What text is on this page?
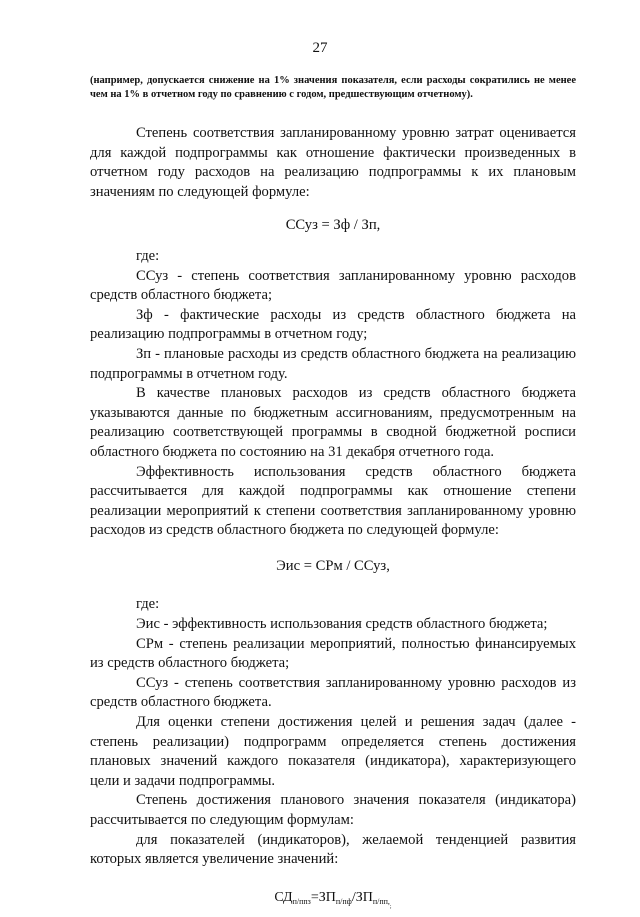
27

(например, допускается снижение на 1% значения показателя, если расходы сократились не менее чем на 1% в отчетном году по сравнению с годом, предшествующим отчетному).

Степень соответствия запланированному уровню затрат оценивается для каждой подпрограммы как отношение фактически произведенных в отчетном году расходов на реализацию подпрограммы к их плановым значениям по следующей формуле:

ССуз = Зф / Зп,

где:

ССуз - степень соответствия запланированному уровню расходов средств областного бюджета;

Зф - фактические расходы из средств областного бюджета на реализацию подпрограммы в отчетном году;

Зп - плановые расходы из средств областного бюджета на реализацию подпрограммы в отчетном году.

В качестве плановых расходов из средств областного бюджета указываются данные по бюджетным ассигнованиям, предусмотренным на реализацию соответствующей программы в сводной бюджетной росписи областного бюджета по состоянию на 31 декабря отчетного года.

Эффективность использования средств областного бюджета рассчитывается для каждой подпрограммы как отношение степени реализации мероприятий к степени соответствия запланированному уровню расходов из средств областного бюджета по следующей формуле:

Эис = СРм / ССуз,

где:

Эис - эффективность использования средств областного бюджета;

СРм - степень реализации мероприятий, полностью финансируемых из средств областного бюджета;

ССуз - степень соответствия запланированному уровню расходов из средств областного бюджета.

Для оценки степени достижения целей и решения задач (далее - степень реализации) подпрограмм определяется степень достижения плановых значений каждого показателя (индикатора), характеризующего цели и задачи подпрограммы.

Степень достижения планового значения показателя (индикатора) рассчитывается по следующим формулам:

для показателей (индикаторов), желаемой тенденцией развития которых является увеличение значений:

$СД_{п/ппз}=ЗП_{п/пф}/ЗП_{п/пп,;}$
